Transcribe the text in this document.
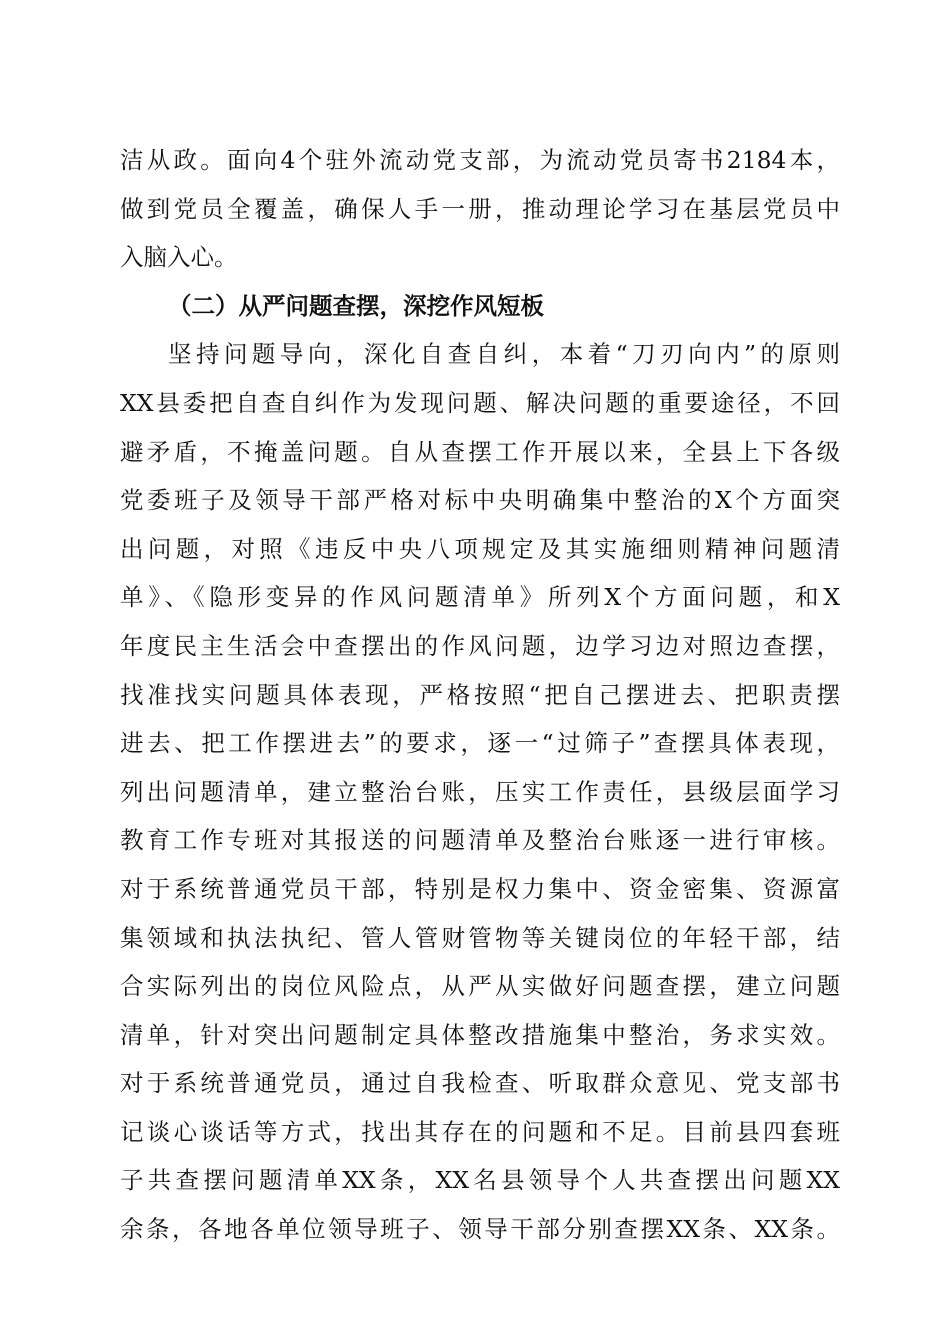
洁从政。面向4个驻外流动党支部，为流动党员寄书2184本，
做到党员全覆盖，确保人手一册，推动理论学习在基层党员中
入脑入心。
（二）从严问题查摆，深挖作风短板
坚持问题导向，深化自查自纠，本着“刀刃向内”的原则
XX县委把自查自纠作为发现问题、解决问题的重要途径，不回
避矛盾，不掩盖问题。自从查摆工作开展以来，全县上下各级
党委班子及领导干部严格对标中央明确集中整治的X个方面突
出问题，对照《违反中央八项规定及其实施细则精神问题清
单》、《隐形变异的作风问题清单》所列X个方面问题，和X
年度民主生活会中查摆出的作风问题，边学习边对照边查摆，
找准找实问题具体表现，严格按照“把自己摆进去、把职责摆
进去、把工作摆进去”的要求，逐一“过筛子”查摆具体表现，
列出问题清单，建立整治台账，压实工作责任，县级层面学习
教育工作专班对其报送的问题清单及整治台账逐一进行审核。
对于系统普通党员干部，特别是权力集中、资金密集、资源富
集领域和执法执纪、管人管财管物等关键岗位的年轻干部，结
合实际列出的岗位风险点，从严从实做好问题查摆，建立问题
清单，针对突出问题制定具体整改措施集中整治，务求实效。
对于系统普通党员，通过自我检查、听取群众意见、党支部书
记谈心谈话等方式，找出其存在的问题和不足。目前县四套班
子共查摆问题清单XX条，XX名县领导个人共查摆出问题XX
余条，各地各单位领导班子、领导干部分别查摆XX条、XX条。
